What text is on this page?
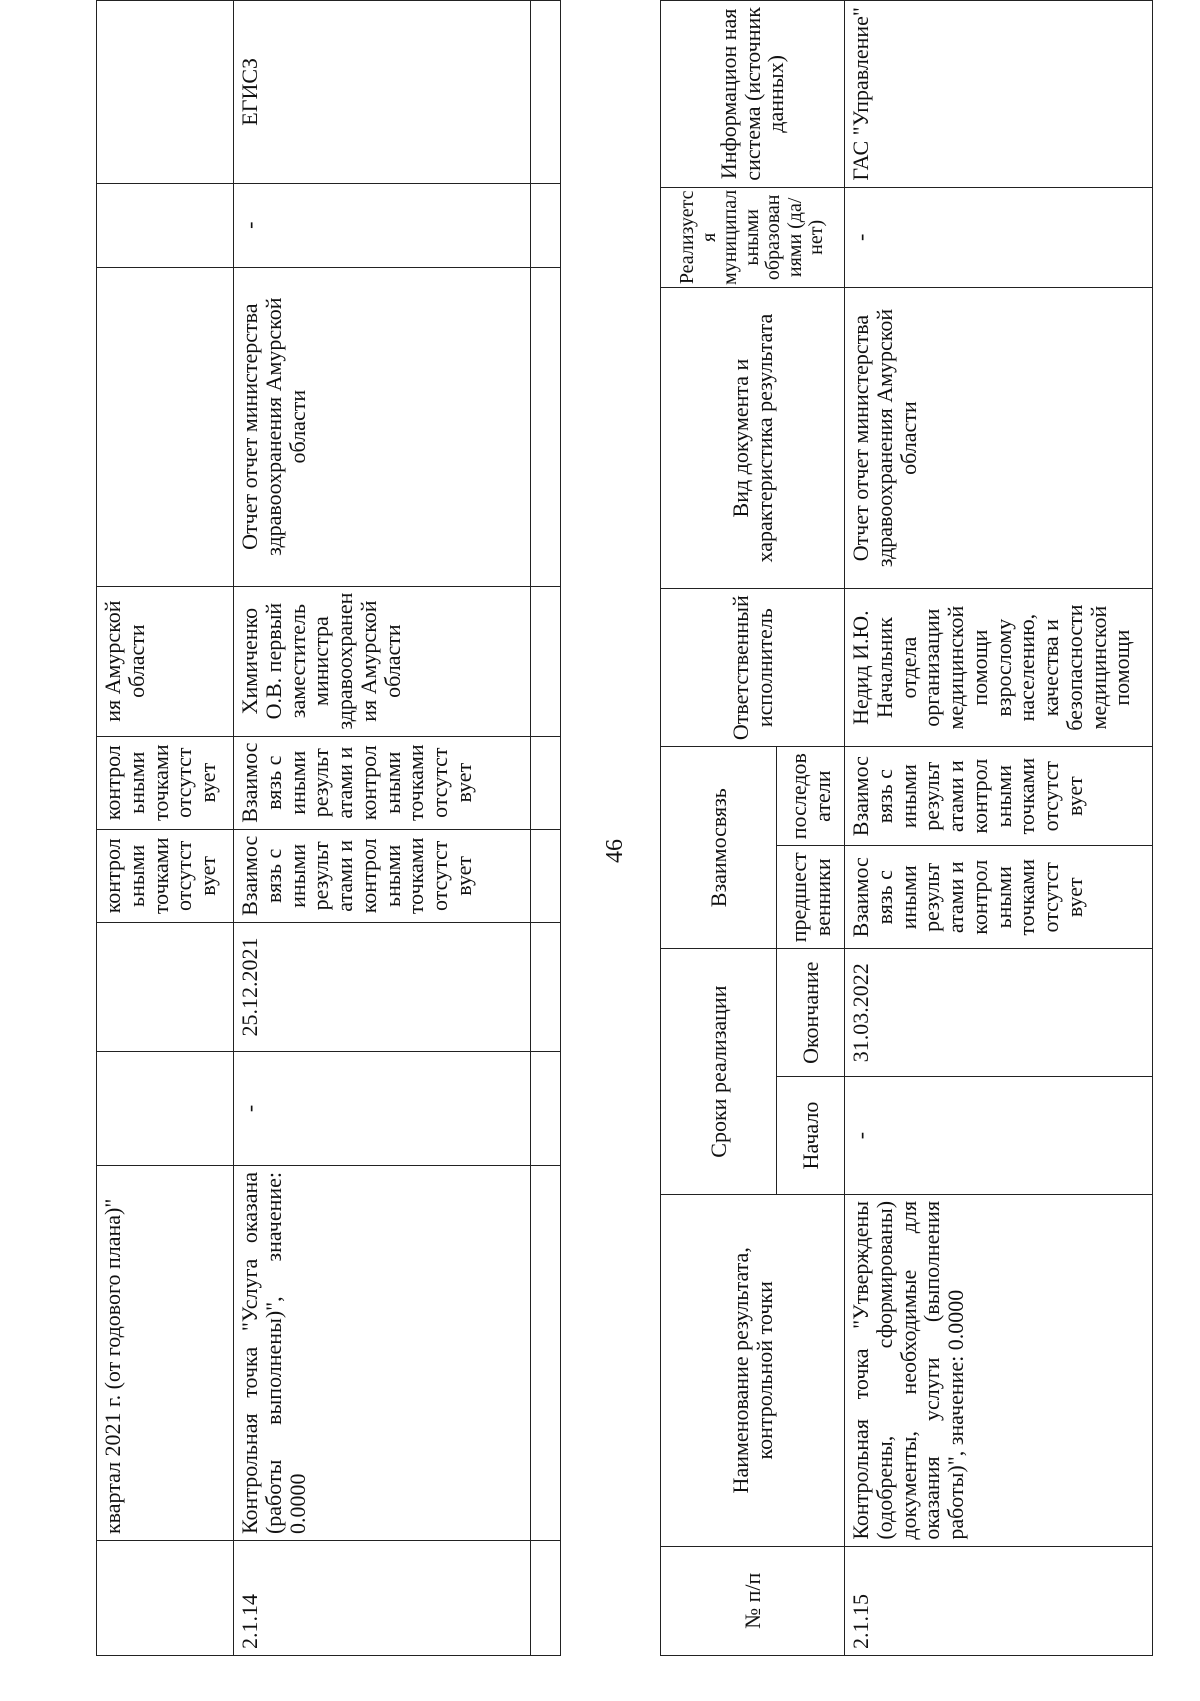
	квартал 2021 г. (от годового плана)"			контрол ьными точками отсутст вует	контрол ьными точками отсутст вует	ия Амурской области			
2.1.14	Контрольная точка "Услуга оказана (работы выполнены)", значение: 0.0000	-	25.12.2021	Взаимос вязь с иными результ атами и контрол ьными точками отсутст вует	Взаимос вязь с иными результ атами и контрол ьными точками отсутст вует	Химиченко О.В. первый заместитель министра здравоохранен ия Амурской области	Отчет отчет министерства здравоохранения Амурской области	-	ЕГИСЗ

46
№ п/п	Наименование результата, контрольной точки	Сроки реализации		Взаимосвязь		Ответственный исполнитель	Вид документа и характеристика результата	Реализуетс я муниципал ьными образован иями (да/нет)	Информацион ная система (источник данных)
		Начало	Окончание	предшест венники	последов атели				
2.1.15	Контрольная точка "Утверждены (одобрены, сформированы) документы, необходимые для оказания услуги (выполнения работы)", значение: 0.0000	-	31.03.2022	Взаимос вязь с иными результ атами и контрол ьными точками отсутст вует	Взаимос вязь с иными результ атами и контрол ьными точками отсутст вует	Недид И.Ю. Начальник отдела организации медицинской помощи взрослому населению, качества и безопасности медицинской помощи	Отчет отчет министерства здравоохранения Амурской области	-	ГАС "Управление"
